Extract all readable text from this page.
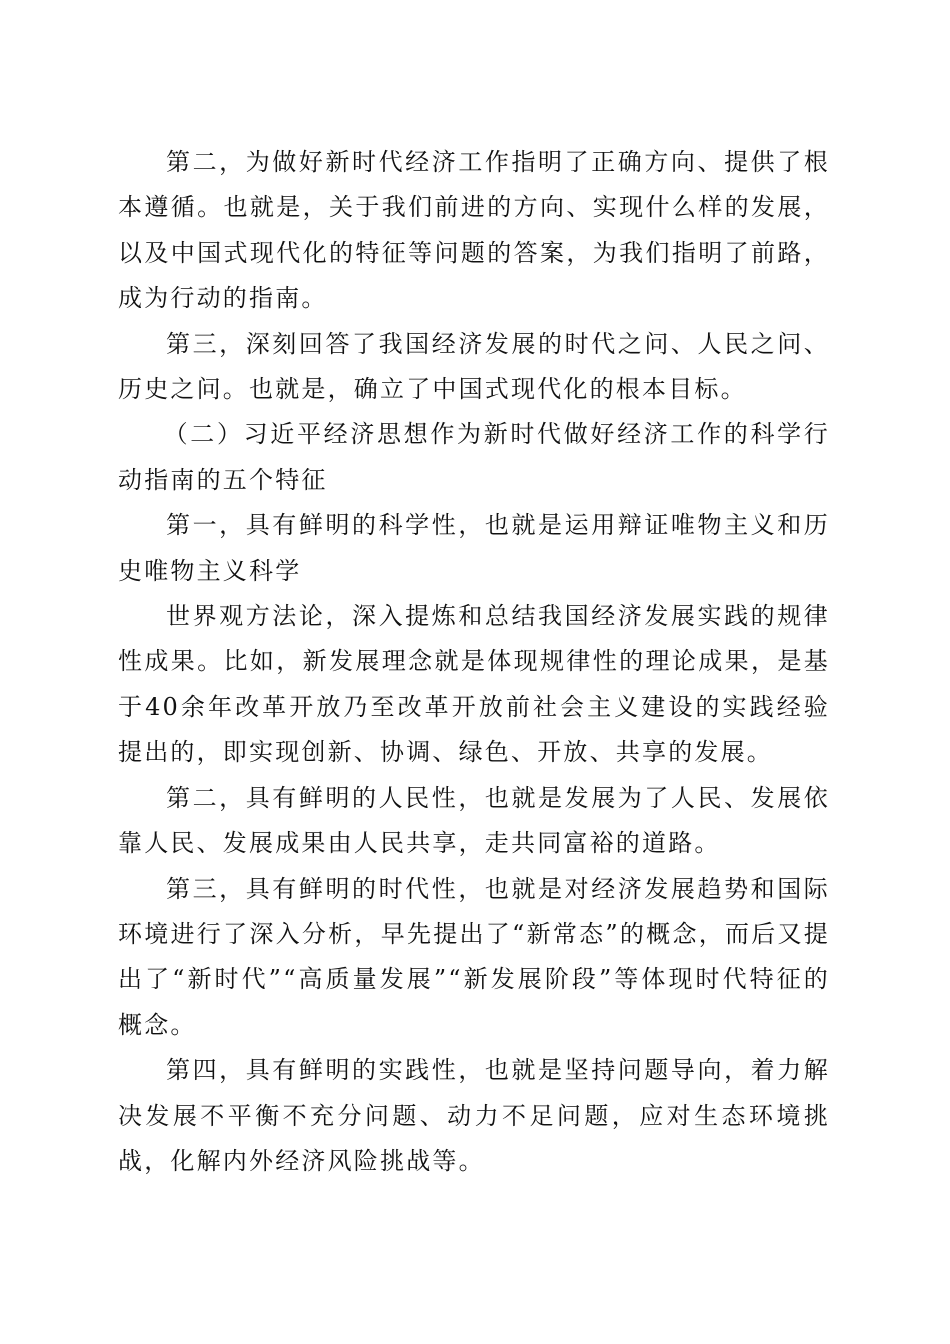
第二，为做好新时代经济工作指明了正确方向、提供了根本遵循。也就是，关于我们前进的方向、实现什么样的发展，以及中国式现代化的特征等问题的答案，为我们指明了前路，成为行动的指南。

第三，深刻回答了我国经济发展的时代之问、人民之问、历史之问。也就是，确立了中国式现代化的根本目标。

（二）习近平经济思想作为新时代做好经济工作的科学行动指南的五个特征

第一，具有鲜明的科学性，也就是运用辩证唯物主义和历史唯物主义科学

世界观方法论，深入提炼和总结我国经济发展实践的规律性成果。比如，新发展理念就是体现规律性的理论成果，是基于40余年改革开放乃至改革开放前社会主义建设的实践经验提出的，即实现创新、协调、绿色、开放、共享的发展。

第二，具有鲜明的人民性，也就是发展为了人民、发展依靠人民、发展成果由人民共享，走共同富裕的道路。

第三，具有鲜明的时代性，也就是对经济发展趋势和国际环境进行了深入分析，早先提出了“新常态”的概念，而后又提出了“新时代”“高质量发展”“新发展阶段”等体现时代特征的概念。

第四，具有鲜明的实践性，也就是坚持问题导向，着力解决发展不平衡不充分问题、动力不足问题，应对生态环境挑战，化解内外经济风险挑战等。
